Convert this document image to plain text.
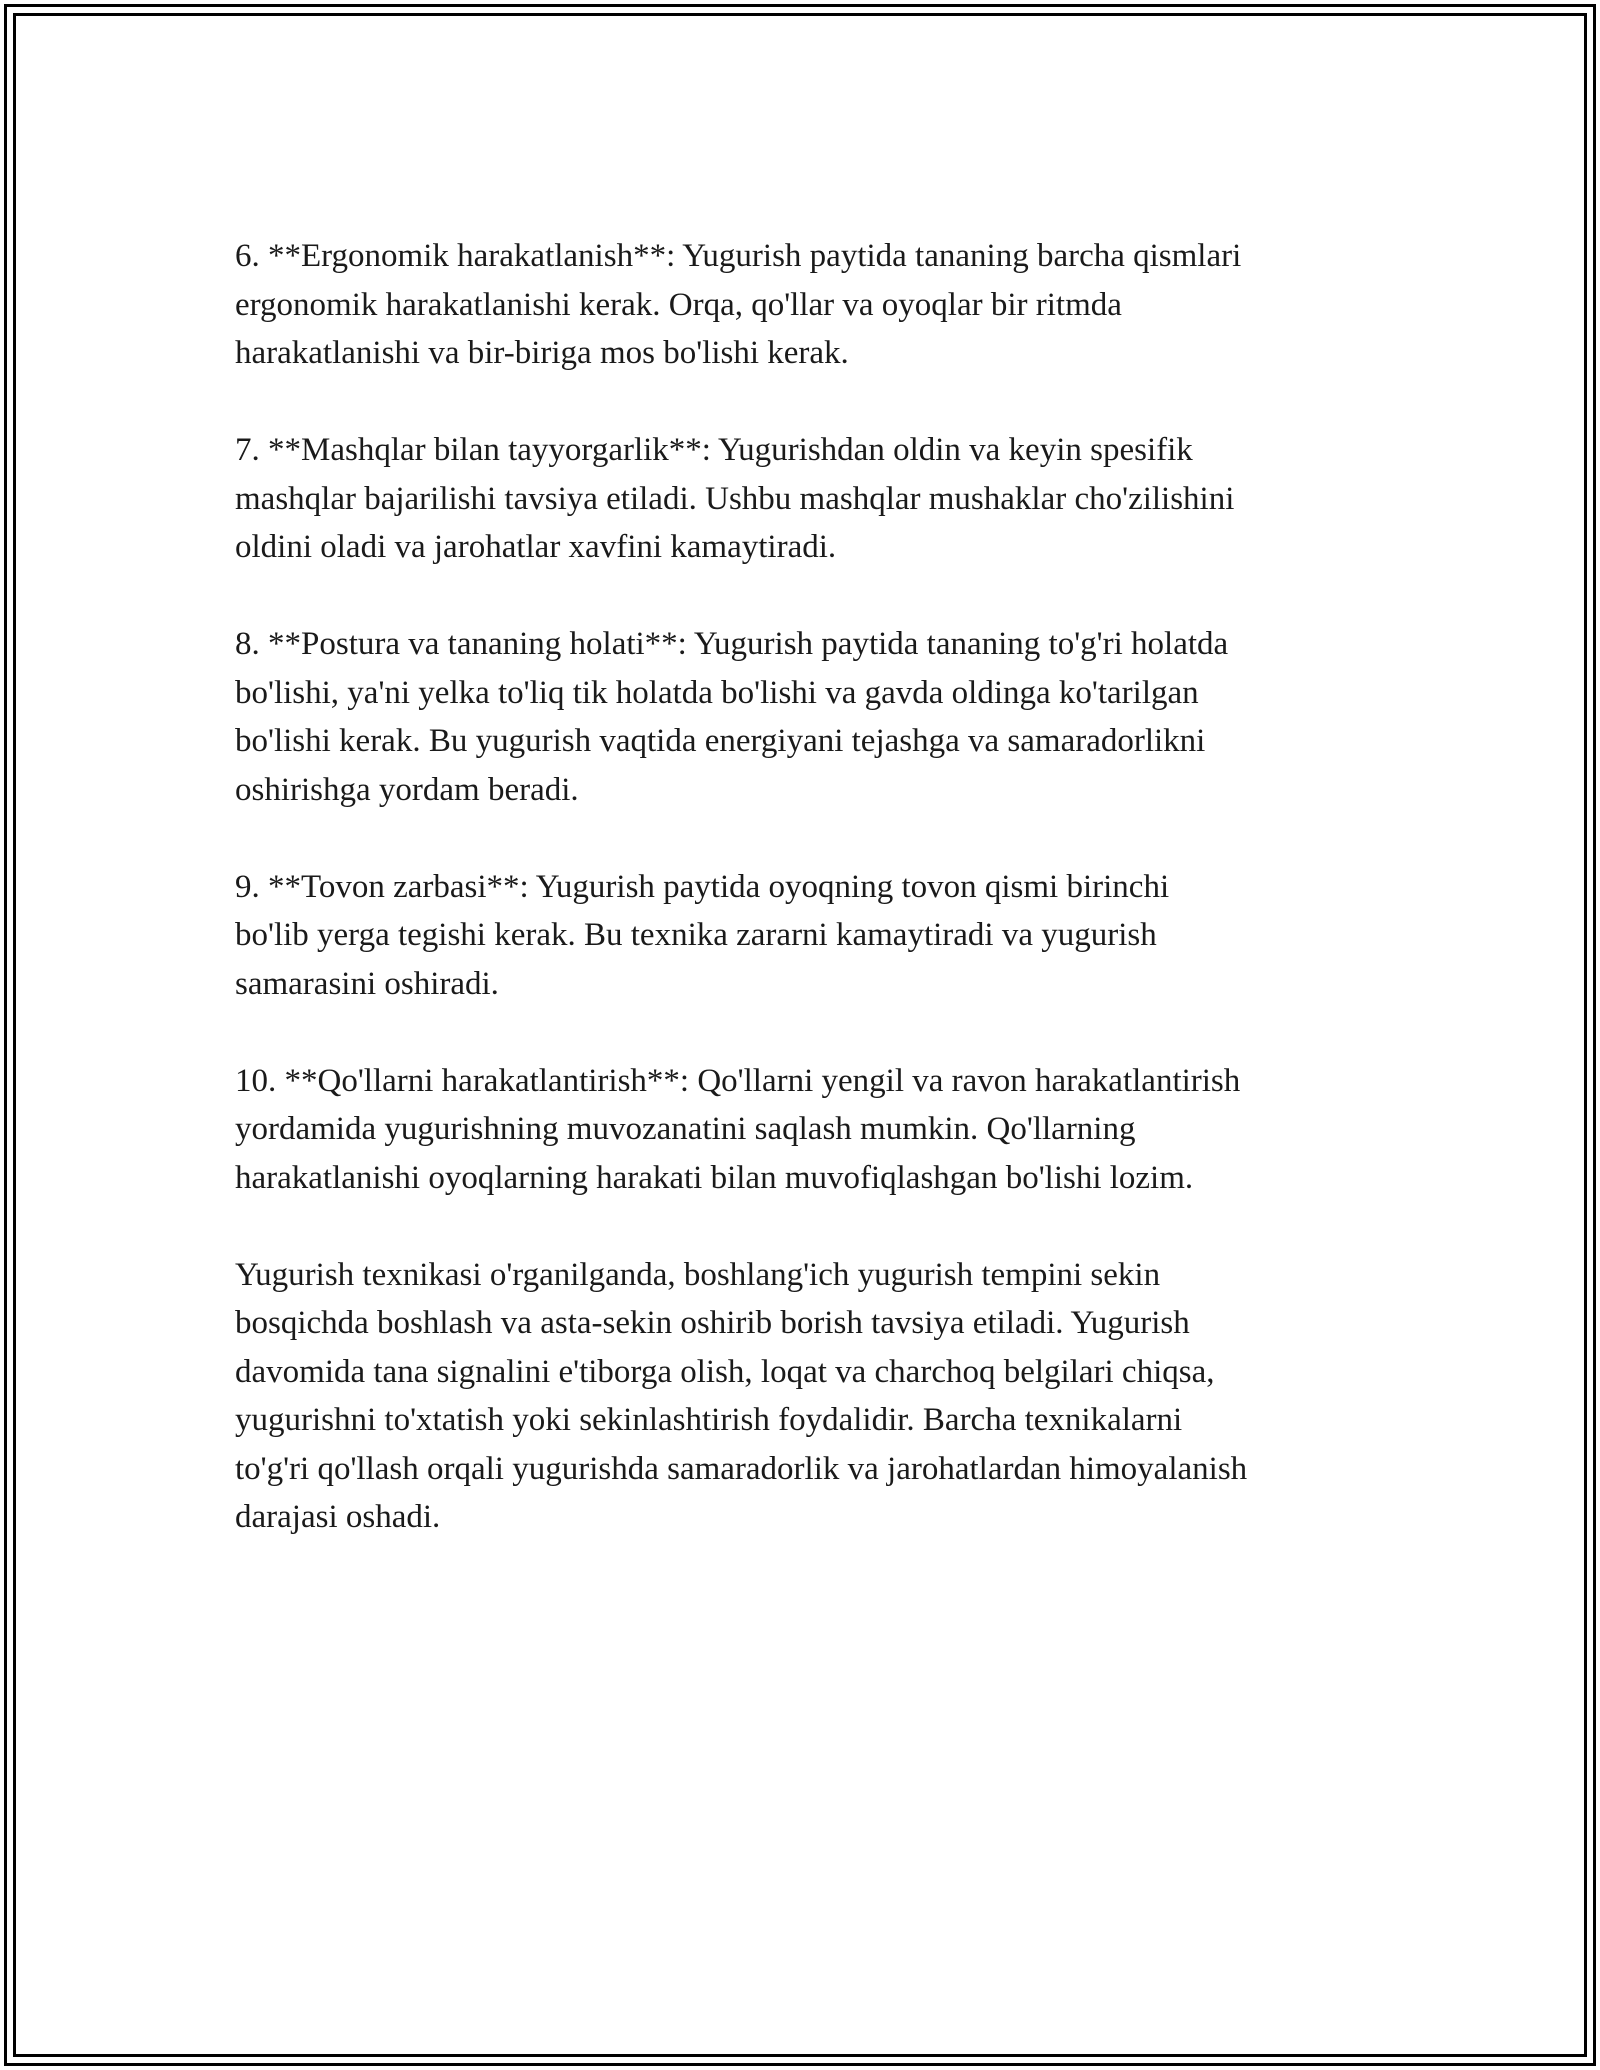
6. **Ergonomik harakatlanish**: Yugurish paytida tananing barcha qismlari
ergonomik harakatlanishi kerak. Orqa, qo'llar va oyoqlar bir ritmda
harakatlanishi va bir-biriga mos bo'lishi kerak.

7. **Mashqlar bilan tayyorgarlik**: Yugurishdan oldin va keyin spesifik
mashqlar bajarilishi tavsiya etiladi. Ushbu mashqlar mushaklar cho'zilishini
oldini oladi va jarohatlar xavfini kamaytiradi.

8. **Postura va tananing holati**: Yugurish paytida tananing to'g'ri holatda
bo'lishi, ya'ni yelka to'liq tik holatda bo'lishi va gavda oldinga ko'tarilgan
bo'lishi kerak. Bu yugurish vaqtida energiyani tejashga va samaradorlikni
oshirishga yordam beradi.

9. **Tovon zarbasi**: Yugurish paytida oyoqning tovon qismi birinchi
bo'lib yerga tegishi kerak. Bu texnika zararni kamaytiradi va yugurish
samarasini oshiradi.

10. **Qo'llarni harakatlantirish**: Qo'llarni yengil va ravon harakatlantirish
yordamida yugurishning muvozanatini saqlash mumkin. Qo'llarning
harakatlanishi oyoqlarning harakati bilan muvofiqlashgan bo'lishi lozim.

Yugurish texnikasi o'rganilganda, boshlang'ich yugurish tempini sekin
bosqichda boshlash va asta-sekin oshirib borish tavsiya etiladi. Yugurish
davomida tana signalini e'tiborga olish, loqat va charchoq belgilari chiqsa,
yugurishni to'xtatish yoki sekinlashtirish foydalidir. Barcha texnikalarni
to'g'ri qo'llash orqali yugurishda samaradorlik va jarohatlardan himoyalanish
darajasi oshadi.
